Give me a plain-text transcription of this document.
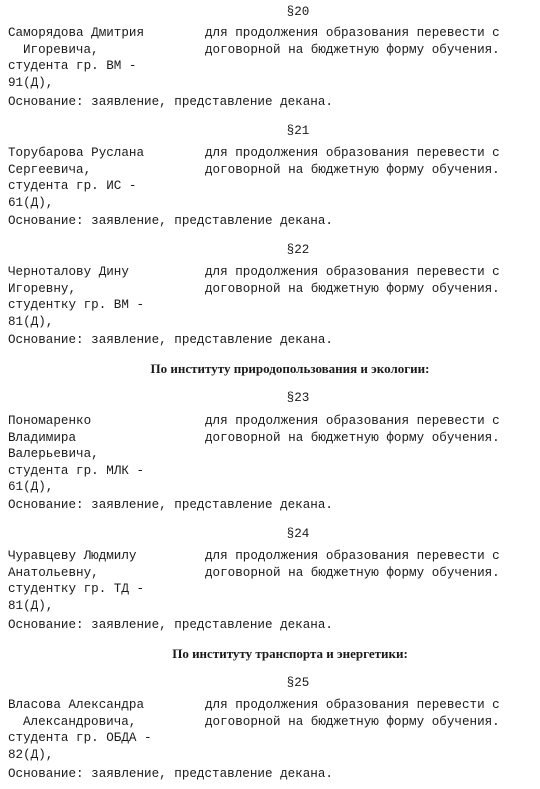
§20
Саморядова Дмитрия
Игоревича,
студента гр. ВМ -
91(Д),
для продолжения образования перевести с
договорной на бюджетную форму обучения.
Основание: заявление, представление декана.
§21
Торубарова Руслана
Сергеевича,
студента гр. ИС -
61(Д),
для продолжения образования перевести с
договорной на бюджетную форму обучения.
Основание: заявление, представление декана.
§22
Черноталову Дину
Игоревну,
студентку гр. ВМ -
81(Д),
для продолжения образования перевести с
договорной на бюджетную форму обучения.
Основание: заявление, представление декана.
По институту природопользования и экологии:
§23
Пономаренко
Владимира
Валерьевича,
студента гр. МЛК -
61(Д),
для продолжения образования перевести с
договорной на бюджетную форму обучения.
Основание: заявление, представление декана.
§24
Чуравцеву Людмилу
Анатольевну,
студентку гр. ТД -
81(Д),
для продолжения образования перевести с
договорной на бюджетную форму обучения.
Основание: заявление, представление декана.
По институту транспорта и энергетики:
§25
Власова Александра
Александровича,
студента гр. ОБДА -
82(Д),
для продолжения образования перевести с
договорной на бюджетную форму обучения.
Основание: заявление, представление декана.
